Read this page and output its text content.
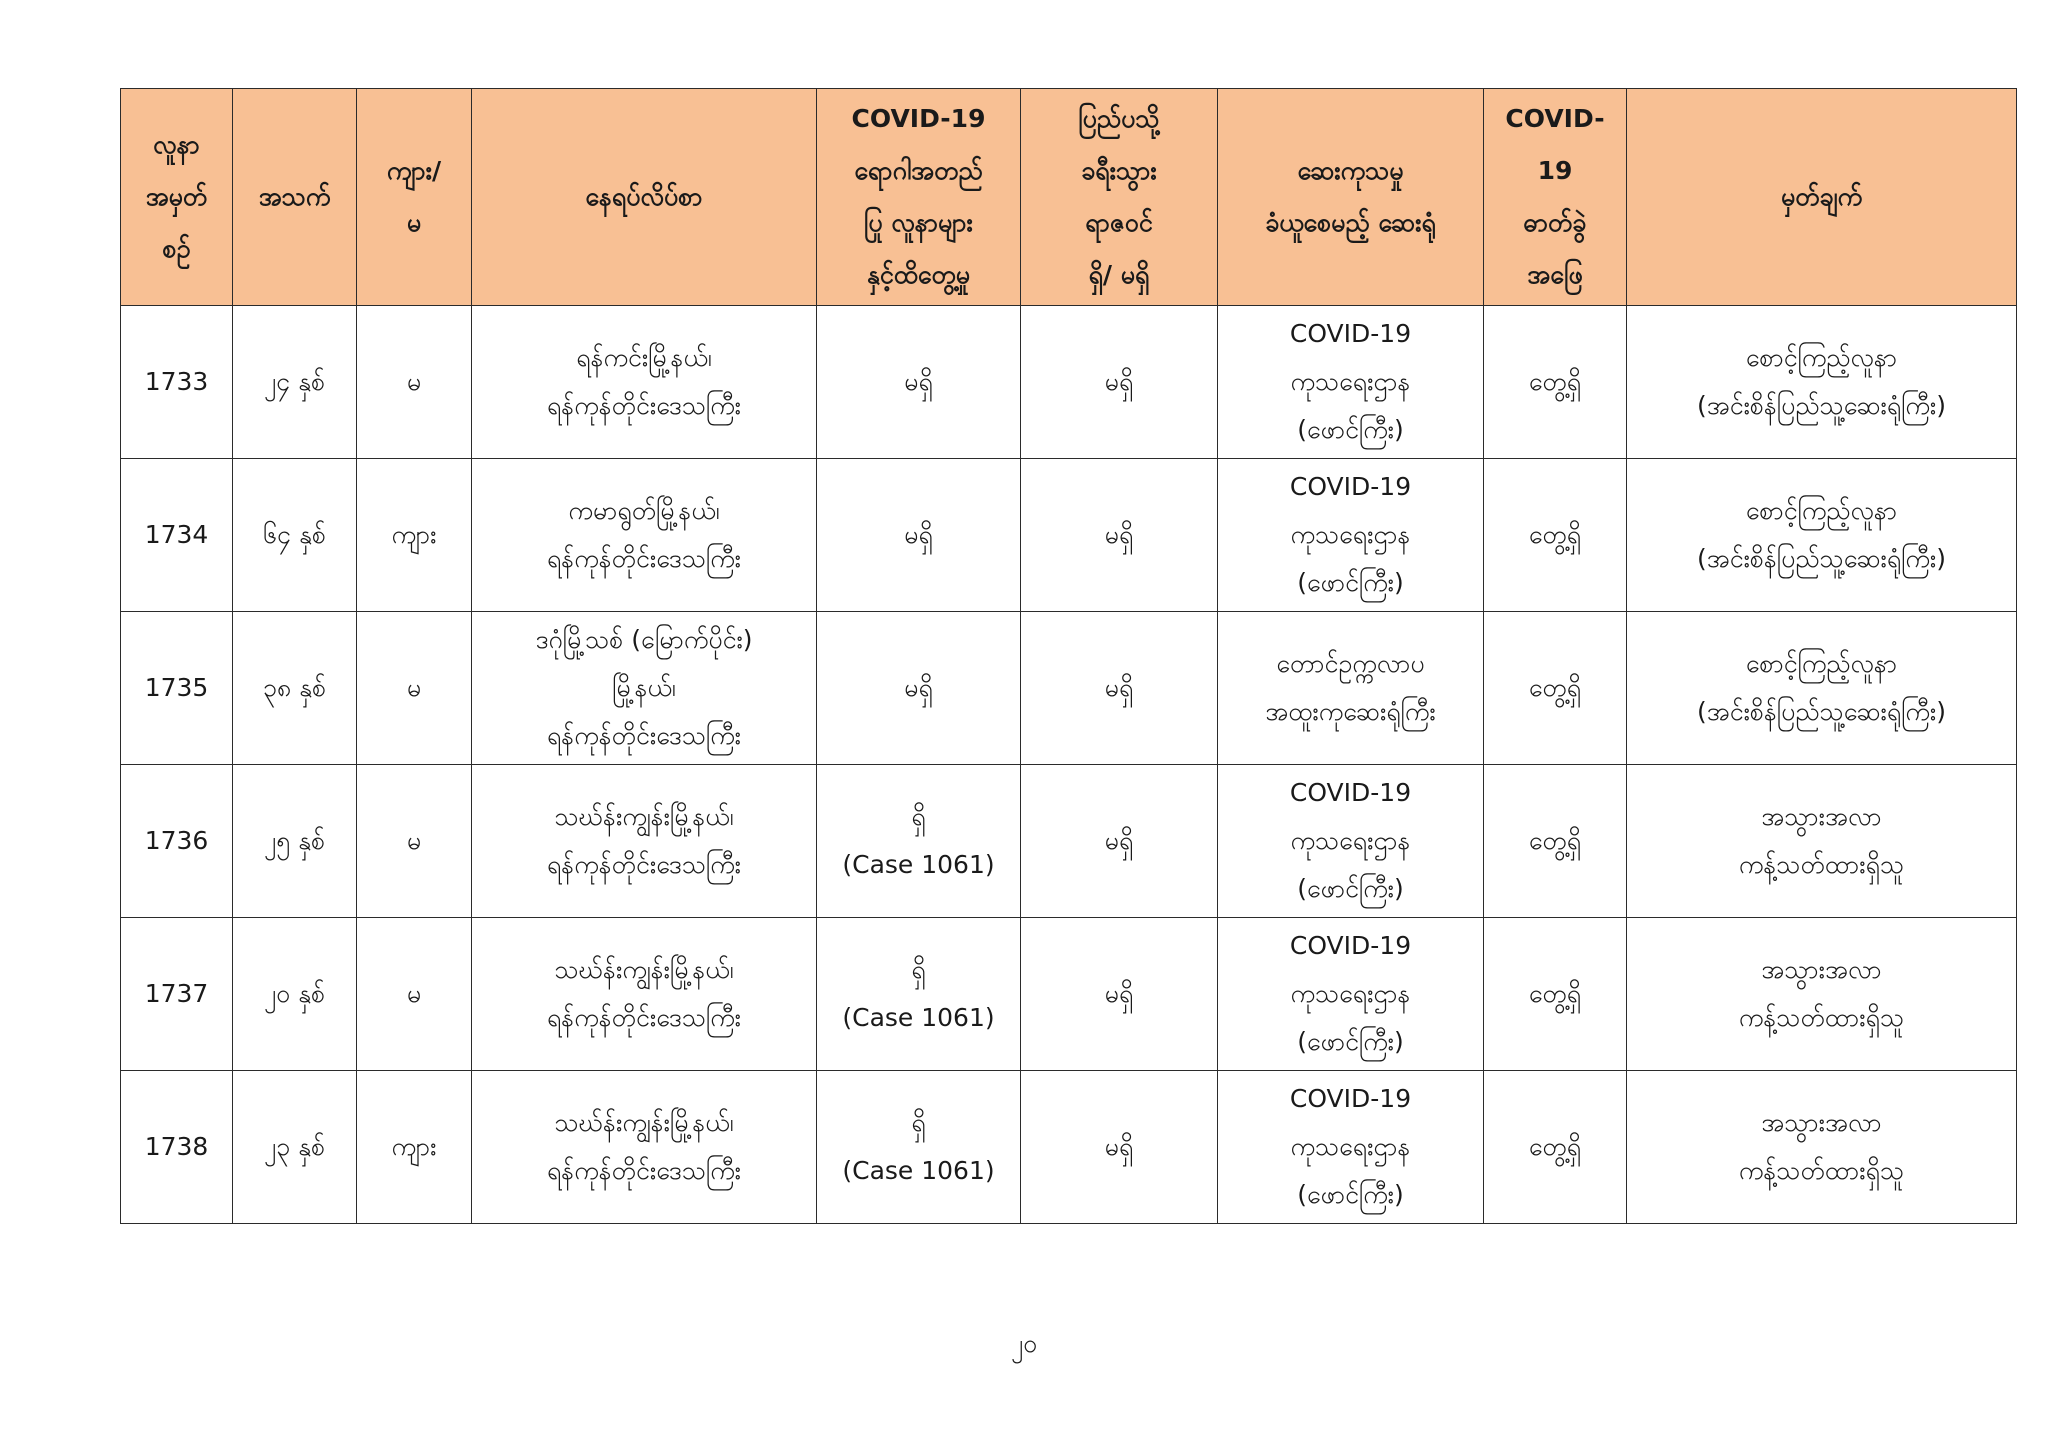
လူနာ
အမှတ်
စဉ်	အသက်	ကျား/
မ	နေရပ်လိပ်စာ	COVID-19
ရောဂါအတည်
ပြု လူနာများ
နှင့်ထိတွေ့မှု	ပြည်ပသို့
ခရီးသွား
ရာဇဝင်
ရှိ/ မရှိ	ဆေးကုသမှု
ခံယူစေမည့် ဆေးရုံ	COVID-
19
ဓာတ်ခွဲ
အဖြေ	မှတ်ချက်

1733	၂၄ နှစ်	မ	ရန်ကင်းမြို့နယ်၊
ရန်ကုန်တိုင်းဒေသကြီး	မရှိ	မရှိ	COVID-19
ကုသရေးဌာန
(ဖောင်ကြီး)	တွေ့ရှိ	စောင့်ကြည့်လူနာ
(အင်းစိန်ပြည်သူ့ဆေးရုံကြီး)

1734	၆၄ နှစ်	ကျား	ကမာရွတ်မြို့နယ်၊
ရန်ကုန်တိုင်းဒေသကြီး	မရှိ	မရှိ	COVID-19
ကုသရေးဌာန
(ဖောင်ကြီး)	တွေ့ရှိ	စောင့်ကြည့်လူနာ
(အင်းစိန်ပြည်သူ့ဆေးရုံကြီး)

1735	၃၈ နှစ်	မ	ဒဂုံမြို့သစ် (မြောက်ပိုင်း)
မြို့နယ်၊
ရန်ကုန်တိုင်းဒေသကြီး	မရှိ	မရှိ	တောင်ဥက္ကလာပ
အထူးကုဆေးရုံကြီး	တွေ့ရှိ	စောင့်ကြည့်လူနာ
(အင်းစိန်ပြည်သူ့ဆေးရုံကြီး)

1736	၂၅ နှစ်	မ	သဃ်န်းကျွန်းမြို့နယ်၊
ရန်ကုန်တိုင်းဒေသကြီး	ရှိ
(Case 1061)	မရှိ	COVID-19
ကုသရေးဌာန
(ဖောင်ကြီး)	တွေ့ရှိ	အသွားအလာ
ကန့်သတ်ထားရှိသူ

1737	၂၀ နှစ်	မ	သဃ်န်းကျွန်းမြို့နယ်၊
ရန်ကုန်တိုင်းဒေသကြီး	ရှိ
(Case 1061)	မရှိ	COVID-19
ကုသရေးဌာန
(ဖောင်ကြီး)	တွေ့ရှိ	အသွားအလာ
ကန့်သတ်ထားရှိသူ

1738	၂၃ နှစ်	ကျား	သဃ်န်းကျွန်းမြို့နယ်၊
ရန်ကုန်တိုင်းဒေသကြီး	ရှိ
(Case 1061)	မရှိ	COVID-19
ကုသရေးဌာန
(ဖောင်ကြီး)	တွေ့ရှိ	အသွားအလာ
ကန့်သတ်ထားရှိသူ
၂၀
